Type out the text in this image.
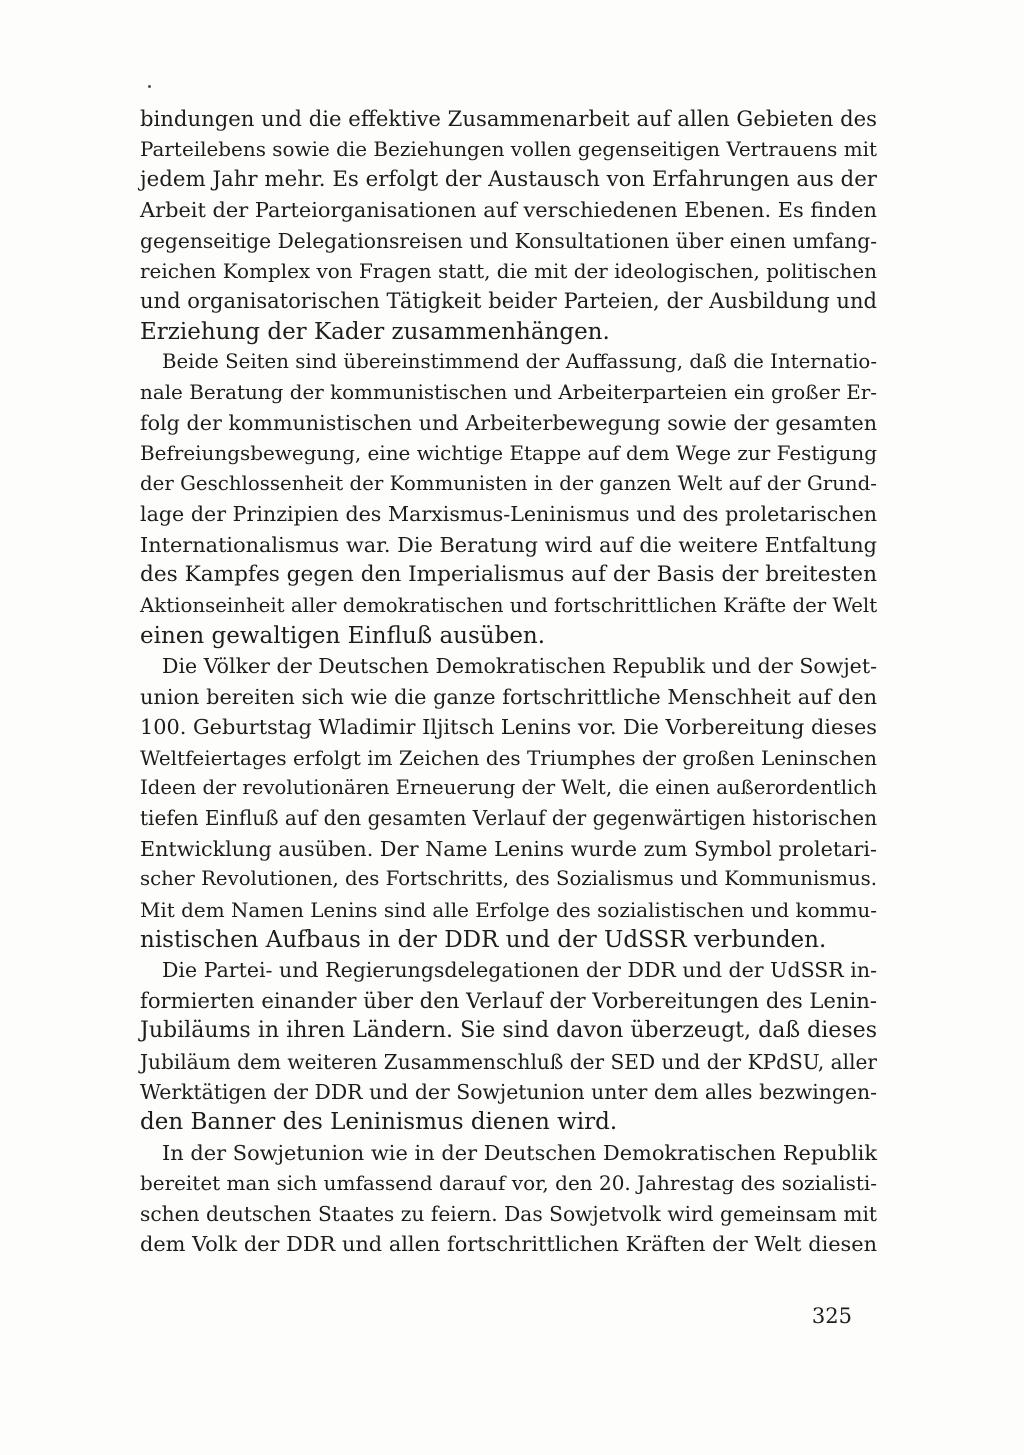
bindungen und die effektive Zusammenarbeit auf allen Gebieten des
Parteilebens sowie die Beziehungen vollen gegenseitigen Vertrauens mit
jedem Jahr mehr. Es erfolgt der Austausch von Erfahrungen aus der
Arbeit der Parteiorganisationen auf verschiedenen Ebenen. Es finden
gegenseitige Delegationsreisen und Konsultationen über einen umfang-
reichen Komplex von Fragen statt, die mit der ideologischen, politischen
und organisatorischen Tätigkeit beider Parteien, der Ausbildung und
Erziehung der Kader zusammenhängen.

Beide Seiten sind übereinstimmend der Auffassung, daß die Internatio-
nale Beratung der kommunistischen und Arbeiterparteien ein großer Er-
folg der kommunistischen und Arbeiterbewegung sowie der gesamten
Befreiungsbewegung, eine wichtige Etappe auf dem Wege zur Festigung
der Geschlossenheit der Kommunisten in der ganzen Welt auf der Grund-
lage der Prinzipien des Marxismus-Leninismus und des proletarischen
Internationalismus war. Die Beratung wird auf die weitere Entfaltung
des Kampfes gegen den Imperialismus auf der Basis der breitesten
Aktionseinheit aller demokratischen und fortschrittlichen Kräfte der Welt
einen gewaltigen Einfluß ausüben.

Die Völker der Deutschen Demokratischen Republik und der Sowjet-
union bereiten sich wie die ganze fortschrittliche Menschheit auf den
100. Geburtstag Wladimir Iljitsch Lenins vor. Die Vorbereitung dieses
Weltfeiertages erfolgt im Zeichen des Triumphes der großen Leninschen
Ideen der revolutionären Erneuerung der Welt, die einen außerordentlich
tiefen Einfluß auf den gesamten Verlauf der gegenwärtigen historischen
Entwicklung ausüben. Der Name Lenins wurde zum Symbol proletari-
scher Revolutionen, des Fortschritts, des Sozialismus und Kommunismus.
Mit dem Namen Lenins sind alle Erfolge des sozialistischen und kommu-
nistischen Aufbaus in der DDR und der UdSSR verbunden.

Die Partei- und Regierungsdelegationen der DDR und der UdSSR in-
formierten einander über den Verlauf der Vorbereitungen des Lenin-
Jubiläums in ihren Ländern. Sie sind davon überzeugt, daß dieses
Jubiläum dem weiteren Zusammenschluß der SED und der KPdSU, aller
Werktätigen der DDR und der Sowjetunion unter dem alles bezwingen-
den Banner des Leninismus dienen wird.

In der Sowjetunion wie in der Deutschen Demokratischen Republik
bereitet man sich umfassend darauf vor, den 20. Jahrestag des sozialisti-
schen deutschen Staates zu feiern. Das Sowjetvolk wird gemeinsam mit
dem Volk der DDR und allen fortschrittlichen Kräften der Welt diesen

325
